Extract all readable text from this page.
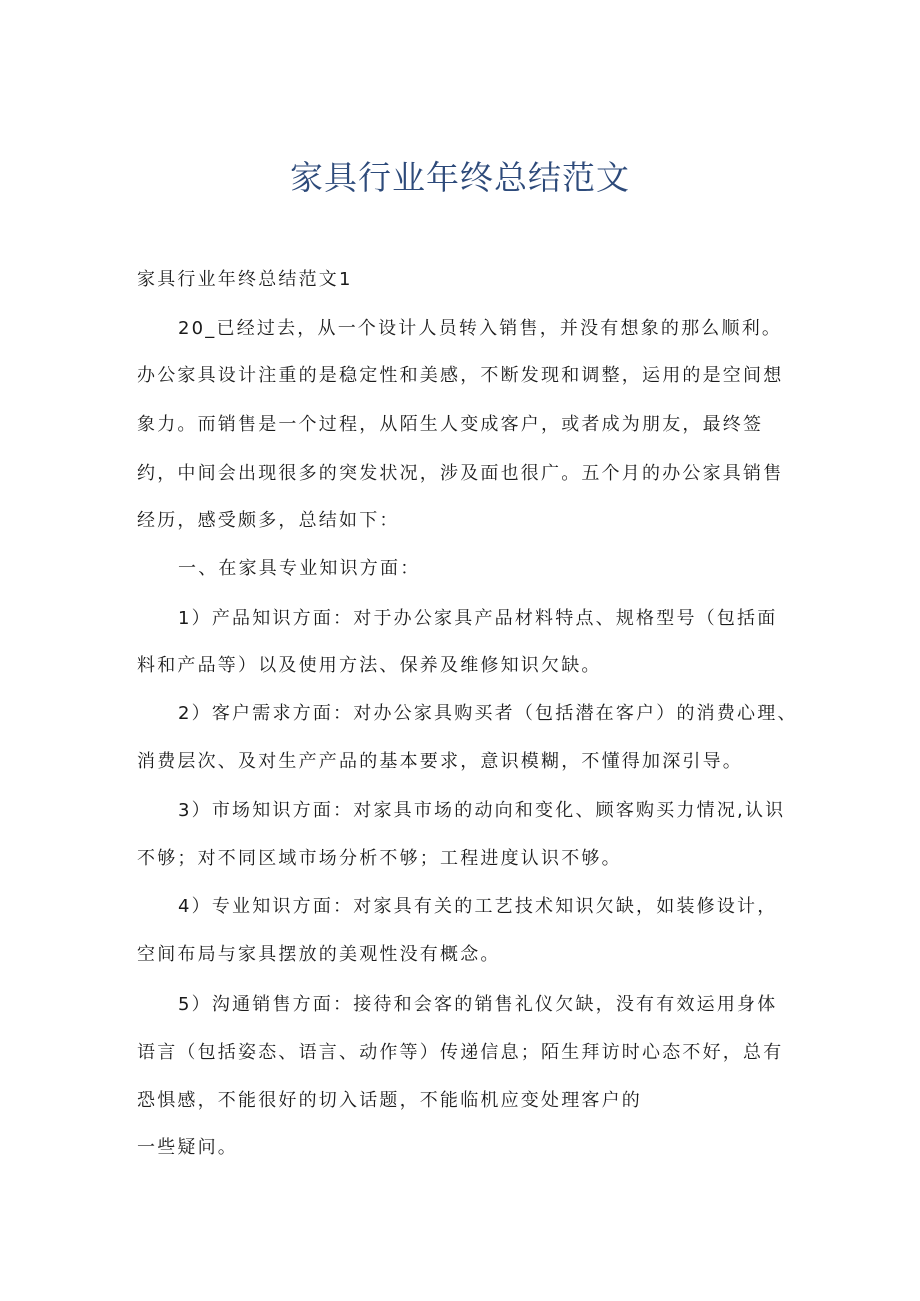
家具行业年终总结范文

家具行业年终总结范文1

20_已经过去，从一个设计人员转入销售，并没有想象的那么顺利。

办公家具设计注重的是稳定性和美感，不断发现和调整，运用的是空间想

象力。而销售是一个过程，从陌生人变成客户，或者成为朋友，最终签

约，中间会出现很多的突发状况，涉及面也很广。五个月的办公家具销售

经历，感受颇多，总结如下：

一、在家具专业知识方面：

1）产品知识方面：对于办公家具产品材料特点、规格型号（包括面

料和产品等）以及使用方法、保养及维修知识欠缺。

2）客户需求方面：对办公家具购买者（包括潜在客户）的消费心理、

消费层次、及对生产产品的基本要求，意识模糊，不懂得加深引导。

3）市场知识方面：对家具市场的动向和变化、顾客购买力情况,认识

不够；对不同区域市场分析不够；工程进度认识不够。

4）专业知识方面：对家具有关的工艺技术知识欠缺，如装修设计，

空间布局与家具摆放的美观性没有概念。

5）沟通销售方面：接待和会客的销售礼仪欠缺，没有有效运用身体

语言（包括姿态、语言、动作等）传递信息；陌生拜访时心态不好，总有

恐惧感，不能很好的切入话题，不能临机应变处理客户的

一些疑问。
